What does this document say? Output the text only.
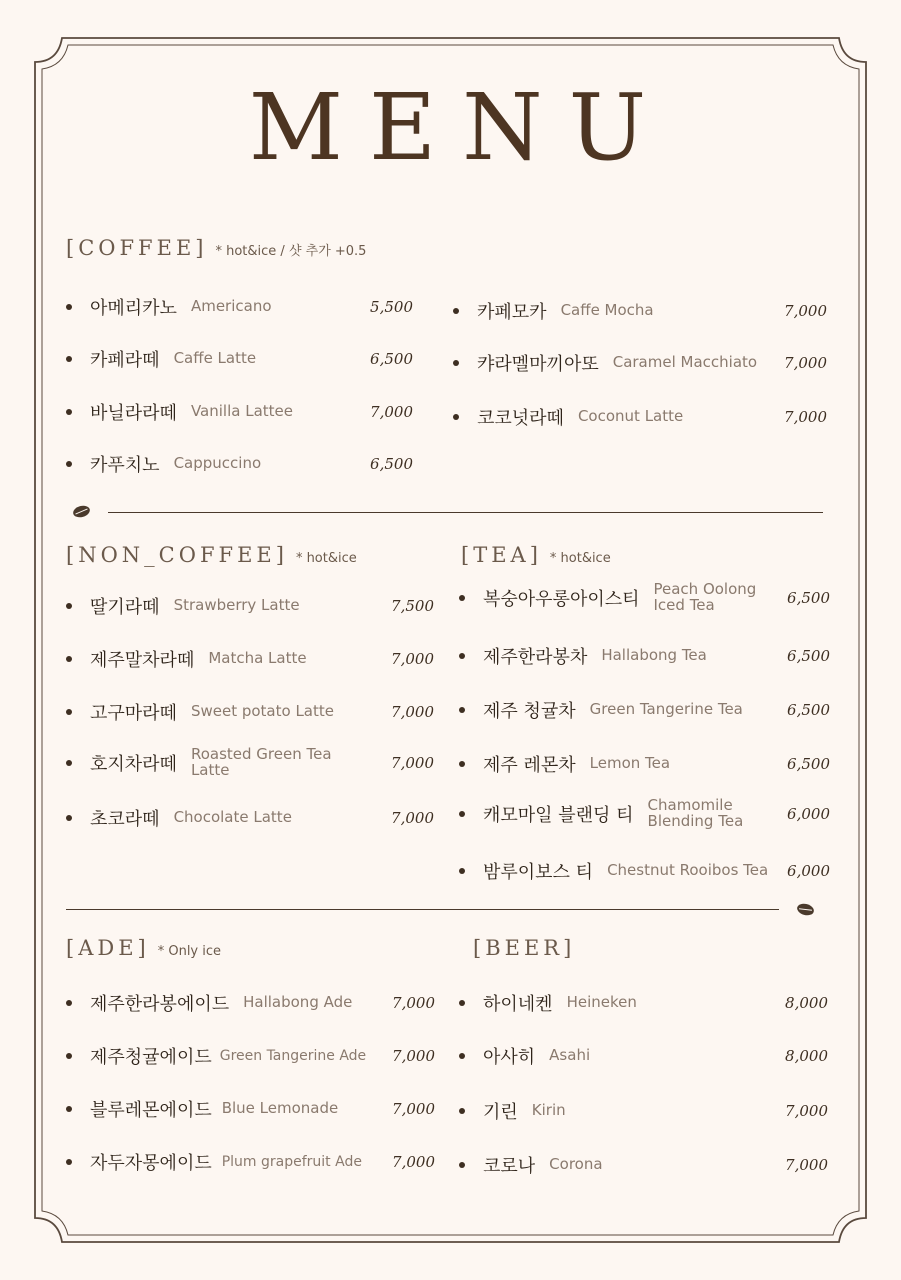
MENU
[COFFEE] * hot&ice / 샷 추가 +0.5
아메리카노 Americano	5,500
카페라떼 Caffe Latte	6,500
바닐라라떼 Vanilla Lattee	7,000
카푸치노 Cappuccino	6,500
카페모카 Caffe Mocha	7,000
캬라멜마끼아또 Caramel Macchiato 7,000
코코넛라떼 Coconut Latte	7,000
[NON_COFFEE] * hot&ice
딸기라떼 Strawberry Latte	7,500
제주말차라떼 Matcha Latte	7,000
고구마라떼 Sweet potato Latte	7,000
호지차라떼 Roasted Green Tea Latte	7,000
초코라떼 Chocolate Latte	7,000
[TEA] * hot&ice
복숭아우롱아이스티 Peach Oolong Iced Tea	6,500
제주한라봉차 Hallabong Tea	6,500
제주 청귤차 Green Tangerine Tea	6,500
제주 레몬차 Lemon Tea	6,500
캐모마일 블랜딩 티 Chamomile Blending Tea	6,000
밤루이보스 티 Chestnut Rooibos Tea 6,000
[ADE] * Only ice
제주한라봉에이드 Hallabong Ade	7,000
제주청귤에이드 Green Tangerine Ade 7,000
블루레몬에이드 Blue Lemonade	7,000
자두자몽에이드 Plum grapefruit Ade 7,000
[BEER]
하이네켄 Heineken	8,000
아사히 Asahi	8,000
기린 Kirin	7,000
코로나 Corona	7,000
